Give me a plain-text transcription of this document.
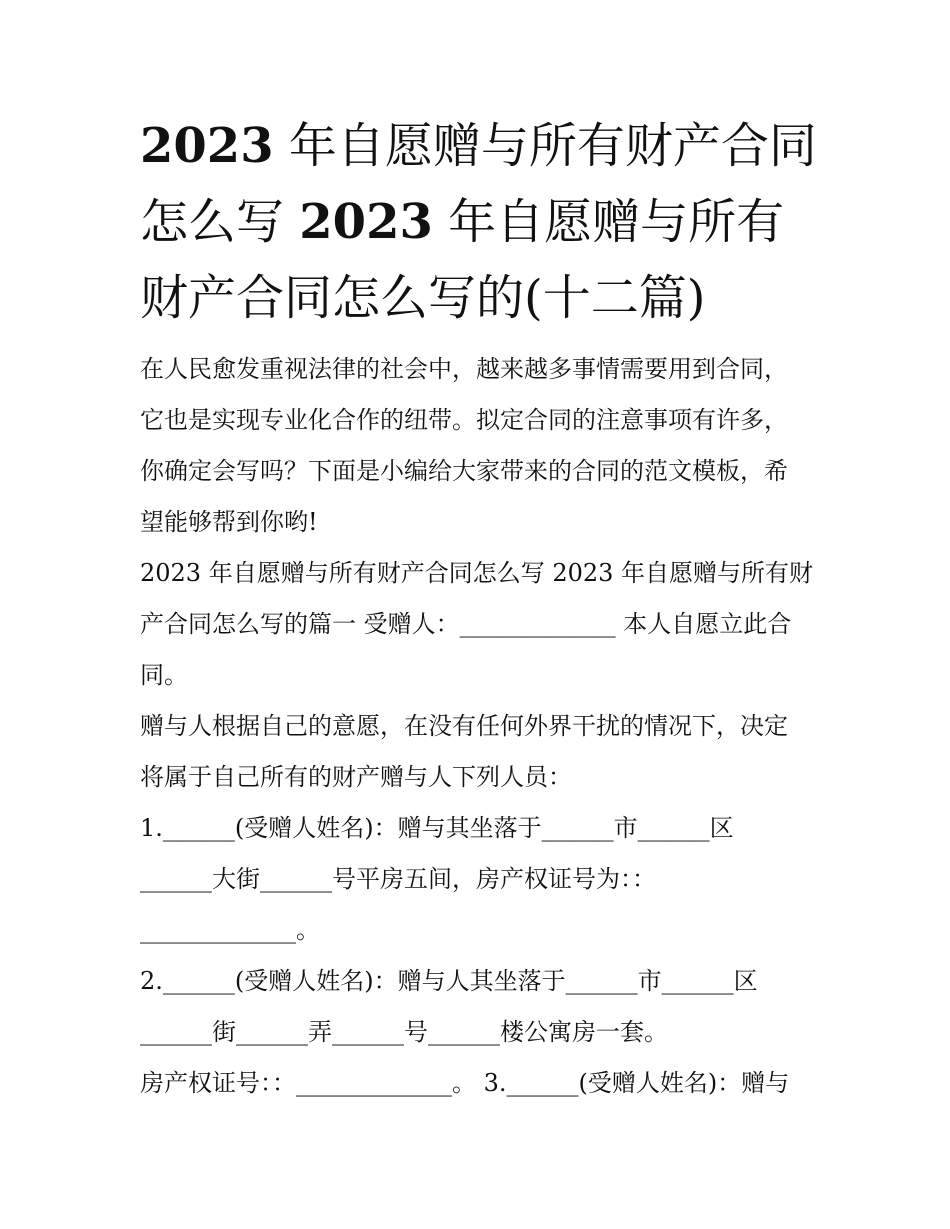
2023 年自愿赠与所有财产合同
怎么写 2023 年自愿赠与所有
财产合同怎么写的(十二篇)
在人民愈发重视法律的社会中，越来越多事情需要用到合同，
它也是实现专业化合作的纽带。拟定合同的注意事项有许多，
你确定会写吗？下面是小编给大家带来的合同的范文模板，希
望能够帮到你哟!
2023 年自愿赠与所有财产合同怎么写 2023 年自愿赠与所有财
产合同怎么写的篇一 受赠人：_____________ 本人自愿立此合
同。
赠与人根据自己的意愿，在没有任何外界干扰的情况下，决定
将属于自己所有的财产赠与人下列人员：
1.______(受赠人姓名)：赠与其坐落于______市______区
______大街______号平房五间，房产权证号为：：
_____________。
2.______(受赠人姓名)：赠与人其坐落于______市______区
______街______弄______号______楼公寓房一套。
房产权证号：：_____________。 3.______(受赠人姓名)：赠与
